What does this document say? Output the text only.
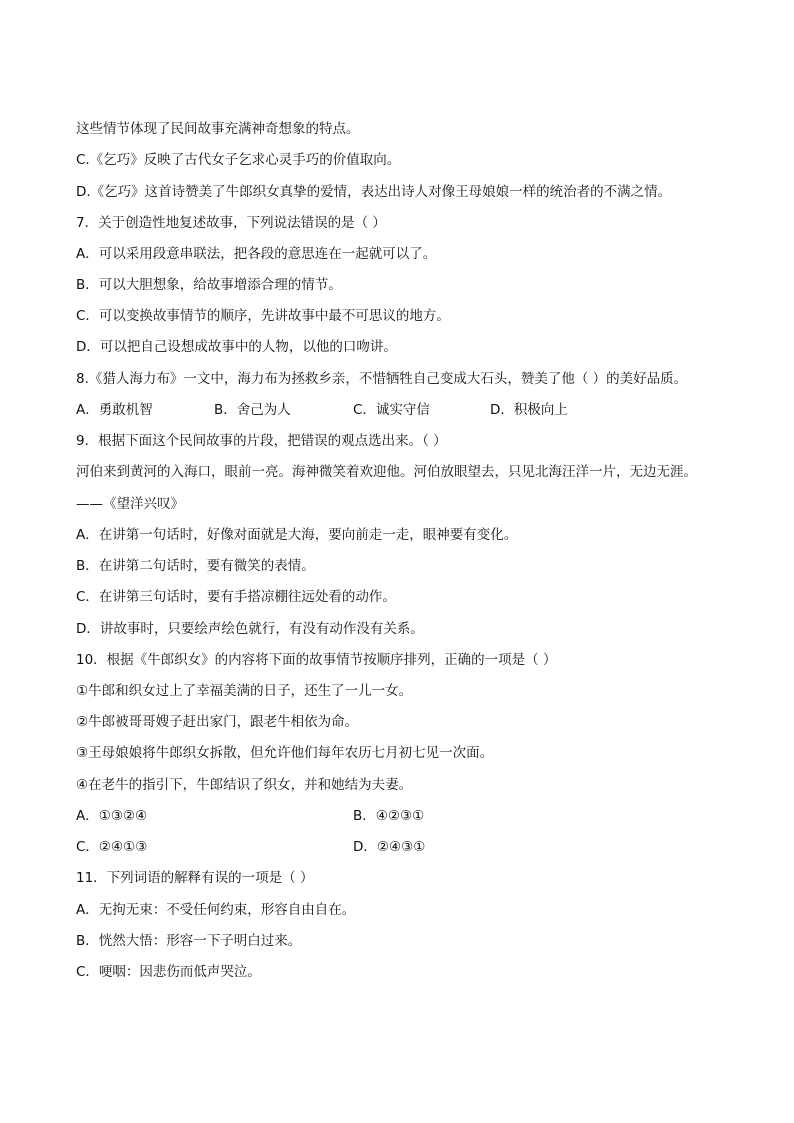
这些情节体现了民间故事充满神奇想象的特点。
C.《乞巧》反映了古代女子乞求心灵手巧的价值取向。
D.《乞巧》这首诗赞美了牛郎织女真挚的爱情，表达出诗人对像王母娘娘一样的统治者的不满之情。
7．关于创造性地复述故事，下列说法错误的是（ ）
A．可以采用段意串联法，把各段的意思连在一起就可以了。
B．可以大胆想象，给故事增添合理的情节。
C．可以变换故事情节的顺序，先讲故事中最不可思议的地方。
D．可以把自己设想成故事中的人物，以他的口吻讲。
8.《猎人海力布》一文中，海力布为拯救乡亲，不惜牺牲自己变成大石头，赞美了他（ ）的美好品质。
A．勇敢机智	B．舍己为人	C．诚实守信	D．积极向上
9．根据下面这个民间故事的片段，把错误的观点选出来。（ ）
河伯来到黄河的入海口，眼前一亮。海神微笑着欢迎他。河伯放眼望去，只见北海汪洋一片，无边无涯。
——《望洋兴叹》
A．在讲第一句话时，好像对面就是大海，要向前走一走，眼神要有变化。
B．在讲第二句话时，要有微笑的表情。
C．在讲第三句话时，要有手搭凉棚往远处看的动作。
D．讲故事时，只要绘声绘色就行，有没有动作没有关系。
10．根据《牛郎织女》的内容将下面的故事情节按顺序排列，正确的一项是（ ）
①牛郎和织女过上了幸福美满的日子，还生了一儿一女。
②牛郎被哥哥嫂子赶出家门，跟老牛相依为命。
③王母娘娘将牛郎织女拆散，但允许他们每年农历七月初七见一次面。
④在老牛的指引下，牛郎结识了织女，并和她结为夫妻。
A．①③②④	B．④②③①
C．②④①③	D．②④③①
11．下列词语的解释有误的一项是（ ）
A．无拘无束：不受任何约束，形容自由自在。
B．恍然大悟：形容一下子明白过来。
C．哽咽：因悲伤而低声哭泣。
